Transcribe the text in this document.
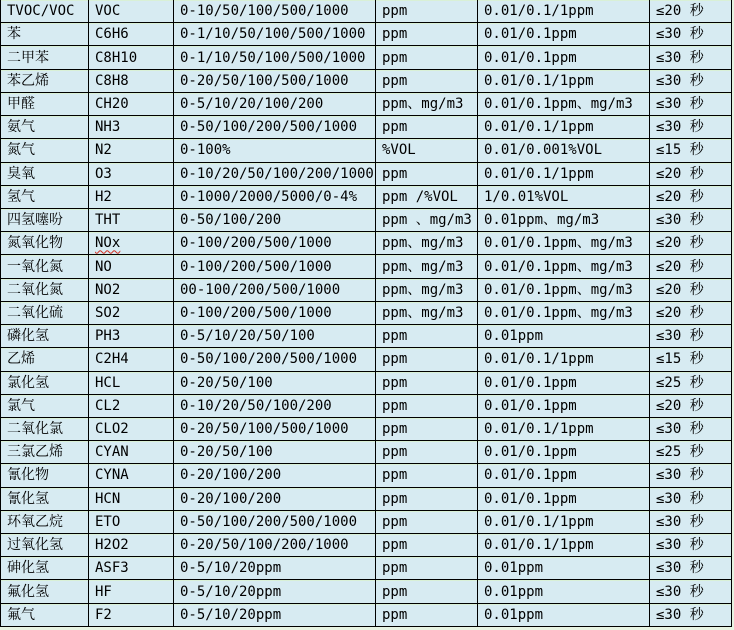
TVOC/VOC	VOC	0-10/50/100/500/1000	ppm	0.01/0.1/1ppm	≤20 秒
苯	C6H6	0-1/10/50/100/500/1000	ppm	0.01/0.1ppm	≤30 秒
二甲苯	C8H10	0-1/10/50/100/500/1000	ppm	0.01/0.1ppm	≤30 秒
苯乙烯	C8H8	0-20/50/100/500/1000	ppm	0.01/0.1/1ppm	≤30 秒
甲醛	CH20	0-5/10/20/100/200	ppm、mg/m3	0.01/0.1ppm、mg/m3	≤30 秒
氨气	NH3	0-50/100/200/500/1000	ppm	0.01/0.1/1ppm	≤30 秒
氮气	N2	0-100%	%VOL	0.01/0.001%VOL	≤15 秒
臭氧	O3	0-10/20/50/100/200/1000	ppm	0.01/0.1/1ppm	≤20 秒
氢气	H2	0-1000/2000/5000/0-4%	ppm /%VOL	1/0.01%VOL	≤20 秒
四氢噻吩	THT	0-50/100/200	ppm 、mg/m3	0.01ppm、mg/m3	≤30 秒
氮氧化物	NOx	0-100/200/500/1000	ppm、mg/m3	0.01/0.1ppm、mg/m3	≤20 秒
一氧化氮	NO	0-100/200/500/1000	ppm、mg/m3	0.01/0.1ppm、mg/m3	≤20 秒
二氧化氮	NO2	00-100/200/500/1000	ppm、mg/m3	0.01/0.1ppm、mg/m3	≤20 秒
二氧化硫	SO2	0-100/200/500/1000	ppm、mg/m3	0.01/0.1ppm、mg/m3	≤20 秒
磷化氢	PH3	0-5/10/20/50/100	ppm	0.01ppm	≤30 秒
乙烯	C2H4	0-50/100/200/500/1000	ppm	0.01/0.1/1ppm	≤15 秒
氯化氢	HCL	0-20/50/100	ppm	0.01/0.1ppm	≤25 秒
氯气	CL2	0-10/20/50/100/200	ppm	0.01/0.1ppm	≤20 秒
二氧化氯	CLO2	0-20/50/100/500/1000	ppm	0.01/0.1/1ppm	≤30 秒
三氯乙烯	CYAN	0-20/50/100	ppm	0.01/0.1ppm	≤25 秒
氰化物	CYNA	0-20/100/200	ppm	0.01/0.1ppm	≤30 秒
氰化氢	HCN	0-20/100/200	ppm	0.01/0.1ppm	≤30 秒
环氧乙烷	ETO	0-50/100/200/500/1000	ppm	0.01/0.1/1ppm	≤30 秒
过氧化氢	H2O2	0-20/50/100/200/1000	ppm	0.01/0.1/1ppm	≤30 秒
砷化氢	ASF3	0-5/10/20ppm	ppm	0.01ppm	≤30 秒
氟化氢	HF	0-5/10/20ppm	ppm	0.01ppm	≤30 秒
氟气	F2	0-5/10/20ppm	ppm	0.01ppm	≤30 秒
